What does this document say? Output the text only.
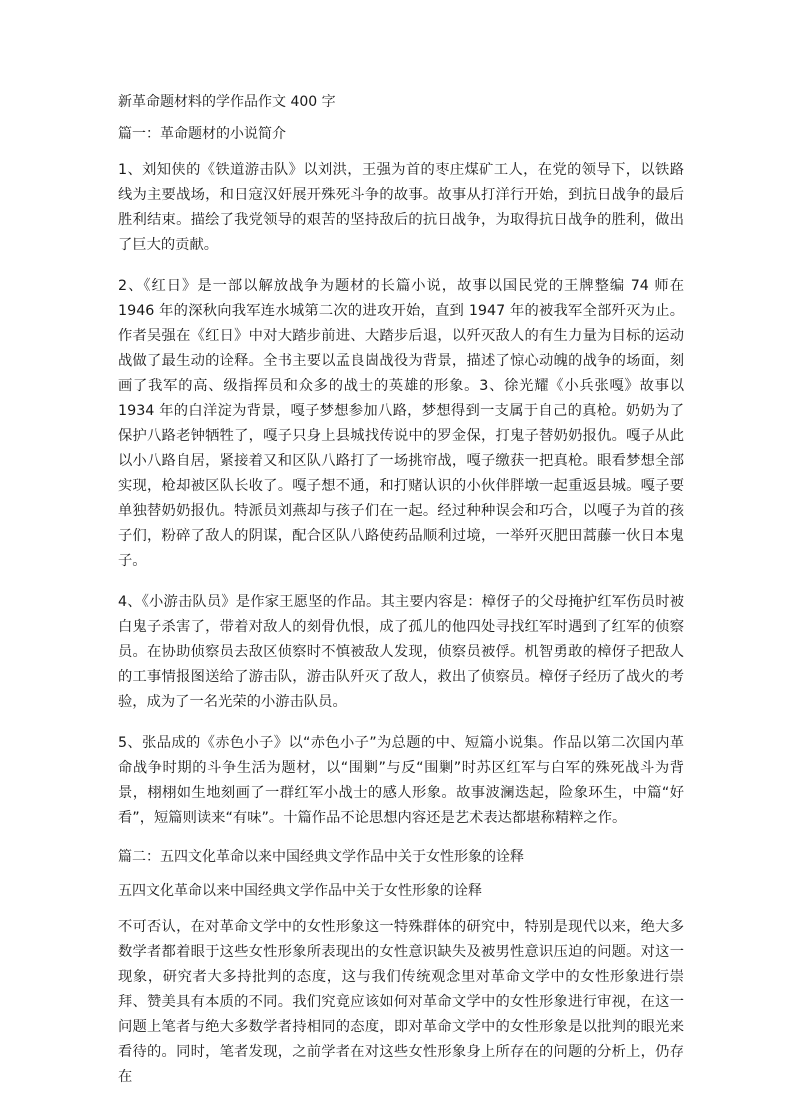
新革命题材料的学作品作文 400 字
篇一：革命题材的小说简介
1、刘知侠的《铁道游击队》以刘洪，王强为首的枣庄煤矿工人，在党的领导下，以铁路线为主要战场，和日寇汉奸展开殊死斗争的故事。故事从打洋行开始，到抗日战争的最后胜利结束。描绘了我党领导的艰苦的坚持敌后的抗日战争，为取得抗日战争的胜利，做出了巨大的贡献。
2、《红日》是一部以解放战争为题材的长篇小说，故事以国民党的王牌整编 74 师在 1946 年的深秋向我军连水城第二次的进攻开始，直到 1947 年的被我军全部歼灭为止。作者吴强在《红日》中对大踏步前进、大踏步后退，以歼灭敌人的有生力量为目标的运动战做了最生动的诠释。全书主要以孟良崮战役为背景，描述了惊心动魄的战争的场面，刻画了我军的高、级指挥员和众多的战士的英雄的形象。3、徐光耀《小兵张嘎》故事以 1934 年的白洋淀为背景，嘎子梦想参加八路，梦想得到一支属于自己的真枪。奶奶为了保护八路老钟牺牲了，嘎子只身上县城找传说中的罗金保，打鬼子替奶奶报仇。嘎子从此以小八路自居，紧接着又和区队八路打了一场挑帘战，嘎子缴获一把真枪。眼看梦想全部实现，枪却被区队长收了。嘎子想不通，和打赌认识的小伙伴胖墩一起重返县城。嘎子要单独替奶奶报仇。特派员刘燕却与孩子们在一起。经过种种误会和巧合，以嘎子为首的孩子们，粉碎了敌人的阴谋，配合区队八路使药品顺利过境，一举歼灭肥田蒿藤一伙日本鬼子。
4、《小游击队员》是作家王愿坚的作品。其主要内容是：樟伢子的父母掩护红军伤员时被白鬼子杀害了，带着对敌人的刻骨仇恨，成了孤儿的他四处寻找红军时遇到了红军的侦察员。在协助侦察员去敌区侦察时不慎被敌人发现，侦察员被俘。机智勇敢的樟伢子把敌人的工事情报图送给了游击队，游击队歼灭了敌人，救出了侦察员。樟伢子经历了战火的考验，成为了一名光荣的小游击队员。
5、张品成的《赤色小子》以“赤色小子”为总题的中、短篇小说集。作品以第二次国内革命战争时期的斗争生活为题材，以“围剿”与反“围剿”时苏区红军与白军的殊死战斗为背景，栩栩如生地刻画了一群红军小战士的感人形象。故事波澜迭起，险象环生，中篇“好看”，短篇则读来“有味”。十篇作品不论思想内容还是艺术表达都堪称精粹之作。
篇二：五四文化革命以来中国经典文学作品中关于女性形象的诠释
五四文化革命以来中国经典文学作品中关于女性形象的诠释
不可否认，在对革命文学中的女性形象这一特殊群体的研究中，特别是现代以来，绝大多数学者都着眼于这些女性形象所表现出的女性意识缺失及被男性意识压迫的问题。对这一现象，研究者大多持批判的态度，这与我们传统观念里对革命文学中的女性形象进行崇拜、赞美具有本质的不同。我们究竟应该如何对革命文学中的女性形象进行审视，在这一问题上笔者与绝大多数学者持相同的态度，即对革命文学中的女性形象是以批判的眼光来看待的。同时，笔者发现，之前学者在对这些女性形象身上所存在的问题的分析上，仍存在
